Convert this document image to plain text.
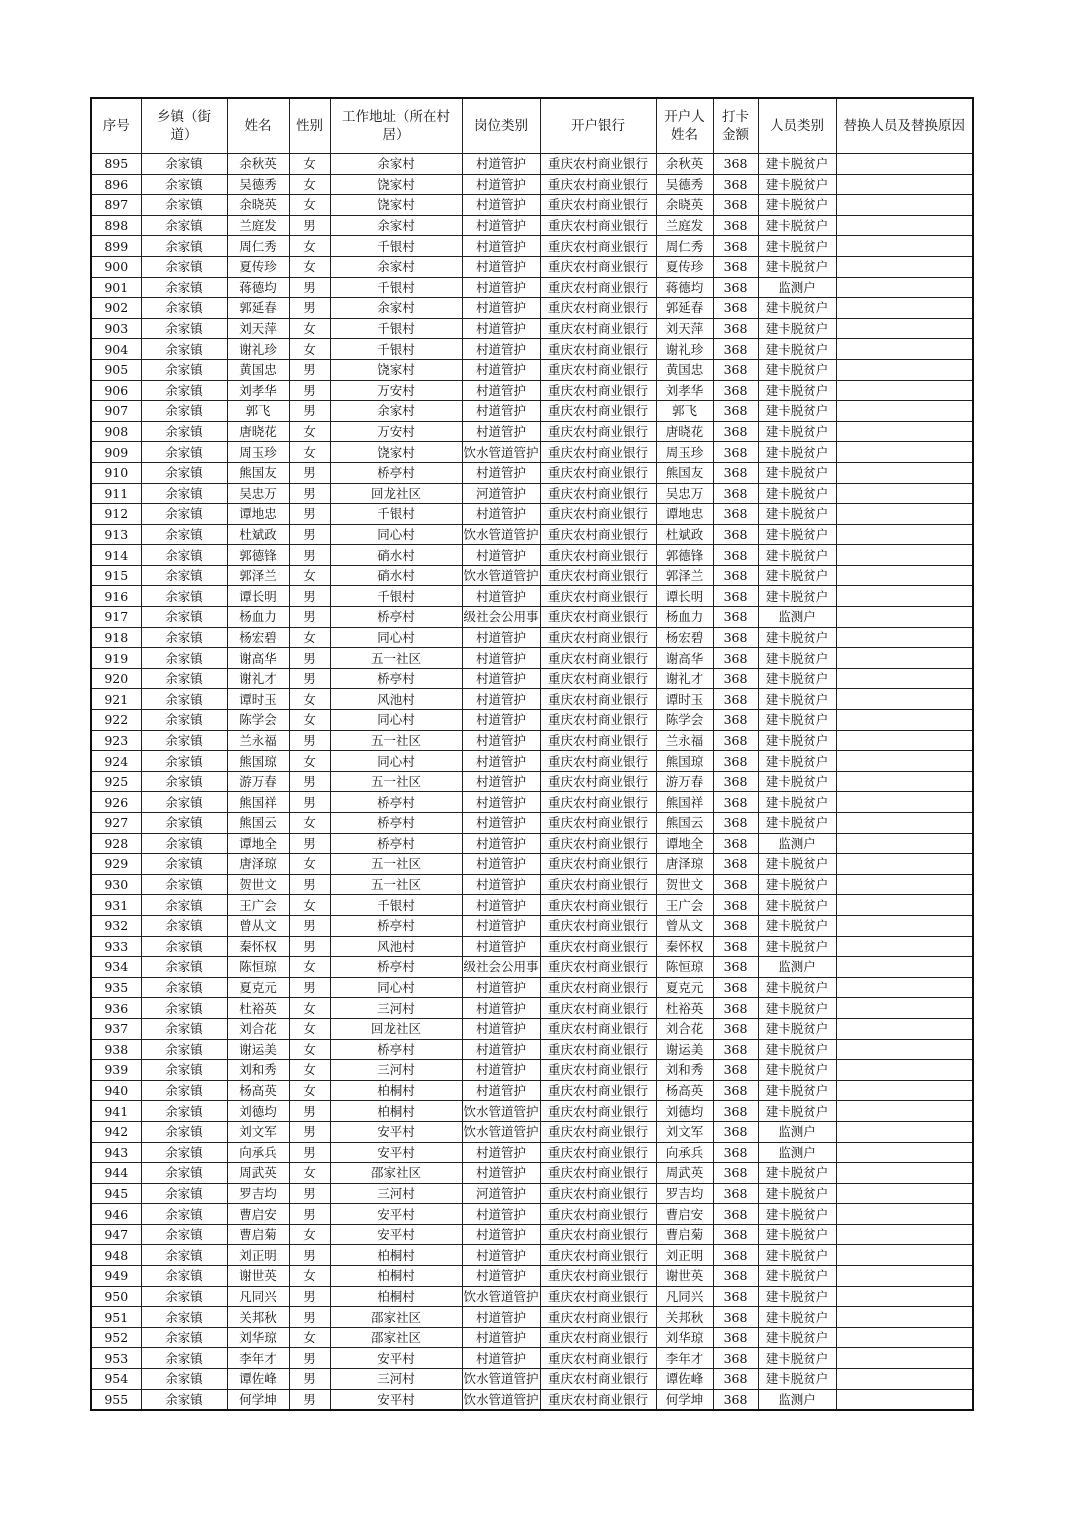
序号	乡镇（街道）	姓名	性别	工作地址（所在村居）	岗位类别	开户银行	开户人姓名	打卡金额	人员类别	替换人员及替换原因

895	余家镇	余秋英	女	余家村	村道管护	重庆农村商业银行	余秋英	368	建卡脱贫户	

896	余家镇	吴德秀	女	饶家村	村道管护	重庆农村商业银行	吴德秀	368	建卡脱贫户	

897	余家镇	余晓英	女	饶家村	村道管护	重庆农村商业银行	余晓英	368	建卡脱贫户	

898	余家镇	兰庭发	男	余家村	村道管护	重庆农村商业银行	兰庭发	368	建卡脱贫户	

899	余家镇	周仁秀	女	千银村	村道管护	重庆农村商业银行	周仁秀	368	建卡脱贫户	

900	余家镇	夏传珍	女	余家村	村道管护	重庆农村商业银行	夏传珍	368	建卡脱贫户	

901	余家镇	蒋德均	男	千银村	村道管护	重庆农村商业银行	蒋德均	368	监测户	

902	余家镇	郭延春	男	余家村	村道管护	重庆农村商业银行	郭延春	368	建卡脱贫户	

903	余家镇	刘天萍	女	千银村	村道管护	重庆农村商业银行	刘天萍	368	建卡脱贫户	

904	余家镇	谢礼珍	女	千银村	村道管护	重庆农村商业银行	谢礼珍	368	建卡脱贫户	

905	余家镇	黄国忠	男	饶家村	村道管护	重庆农村商业银行	黄国忠	368	建卡脱贫户	

906	余家镇	刘孝华	男	万安村	村道管护	重庆农村商业银行	刘孝华	368	建卡脱贫户	

907	余家镇	郭飞	男	余家村	村道管护	重庆农村商业银行	郭飞	368	建卡脱贫户	

908	余家镇	唐晓花	女	万安村	村道管护	重庆农村商业银行	唐晓花	368	建卡脱贫户	

909	余家镇	周玉珍	女	饶家村	饮水管道管护	重庆农村商业银行	周玉珍	368	建卡脱贫户	

910	余家镇	熊国友	男	桥亭村	村道管护	重庆农村商业银行	熊国友	368	建卡脱贫户	

911	余家镇	吴忠万	男	回龙社区	河道管护	重庆农村商业银行	吴忠万	368	建卡脱贫户	

912	余家镇	谭地忠	男	千银村	村道管护	重庆农村商业银行	谭地忠	368	建卡脱贫户	

913	余家镇	杜斌政	男	同心村	饮水管道管护	重庆农村商业银行	杜斌政	368	建卡脱贫户	

914	余家镇	郭德锋	男	硝水村	村道管护	重庆农村商业银行	郭德锋	368	建卡脱贫户	

915	余家镇	郭泽兰	女	硝水村	饮水管道管护	重庆农村商业银行	郭泽兰	368	建卡脱贫户	

916	余家镇	谭长明	男	千银村	村道管护	重庆农村商业银行	谭长明	368	建卡脱贫户	

917	余家镇	杨血力	男	桥亭村	级社会公用事	重庆农村商业银行	杨血力	368	监测户	

918	余家镇	杨宏碧	女	同心村	村道管护	重庆农村商业银行	杨宏碧	368	建卡脱贫户	

919	余家镇	谢高华	男	五一社区	村道管护	重庆农村商业银行	谢高华	368	建卡脱贫户	

920	余家镇	谢礼才	男	桥亭村	村道管护	重庆农村商业银行	谢礼才	368	建卡脱贫户	

921	余家镇	谭时玉	女	风池村	村道管护	重庆农村商业银行	谭时玉	368	建卡脱贫户	

922	余家镇	陈学会	女	同心村	村道管护	重庆农村商业银行	陈学会	368	建卡脱贫户	

923	余家镇	兰永福	男	五一社区	村道管护	重庆农村商业银行	兰永福	368	建卡脱贫户	

924	余家镇	熊国琼	女	同心村	村道管护	重庆农村商业银行	熊国琼	368	建卡脱贫户	

925	余家镇	游万春	男	五一社区	村道管护	重庆农村商业银行	游万春	368	建卡脱贫户	

926	余家镇	熊国祥	男	桥亭村	村道管护	重庆农村商业银行	熊国祥	368	建卡脱贫户	

927	余家镇	熊国云	女	桥亭村	村道管护	重庆农村商业银行	熊国云	368	建卡脱贫户	

928	余家镇	谭地全	男	桥亭村	村道管护	重庆农村商业银行	谭地全	368	监测户	

929	余家镇	唐泽琼	女	五一社区	村道管护	重庆农村商业银行	唐泽琼	368	建卡脱贫户	

930	余家镇	贺世文	男	五一社区	村道管护	重庆农村商业银行	贺世文	368	建卡脱贫户	

931	余家镇	王广会	女	千银村	村道管护	重庆农村商业银行	王广会	368	建卡脱贫户	

932	余家镇	曾从文	男	桥亭村	村道管护	重庆农村商业银行	曾从文	368	建卡脱贫户	

933	余家镇	秦怀权	男	风池村	村道管护	重庆农村商业银行	秦怀权	368	建卡脱贫户	

934	余家镇	陈恒琼	女	桥亭村	级社会公用事	重庆农村商业银行	陈恒琼	368	监测户	

935	余家镇	夏克元	男	同心村	村道管护	重庆农村商业银行	夏克元	368	建卡脱贫户	

936	余家镇	杜裕英	女	三河村	村道管护	重庆农村商业银行	杜裕英	368	建卡脱贫户	

937	余家镇	刘合花	女	回龙社区	村道管护	重庆农村商业银行	刘合花	368	建卡脱贫户	

938	余家镇	谢运美	女	桥亭村	村道管护	重庆农村商业银行	谢运美	368	建卡脱贫户	

939	余家镇	刘和秀	女	三河村	村道管护	重庆农村商业银行	刘和秀	368	建卡脱贫户	

940	余家镇	杨高英	女	柏桐村	村道管护	重庆农村商业银行	杨高英	368	建卡脱贫户	

941	余家镇	刘德均	男	柏桐村	饮水管道管护	重庆农村商业银行	刘德均	368	建卡脱贫户	

942	余家镇	刘文军	男	安平村	饮水管道管护	重庆农村商业银行	刘文军	368	监测户	

943	余家镇	向承兵	男	安平村	村道管护	重庆农村商业银行	向承兵	368	监测户	

944	余家镇	周武英	女	邵家社区	村道管护	重庆农村商业银行	周武英	368	建卡脱贫户	

945	余家镇	罗吉均	男	三河村	河道管护	重庆农村商业银行	罗吉均	368	建卡脱贫户	

946	余家镇	曹启安	男	安平村	村道管护	重庆农村商业银行	曹启安	368	建卡脱贫户	

947	余家镇	曹启菊	女	安平村	村道管护	重庆农村商业银行	曹启菊	368	建卡脱贫户	

948	余家镇	刘正明	男	柏桐村	村道管护	重庆农村商业银行	刘正明	368	建卡脱贫户	

949	余家镇	谢世英	女	柏桐村	村道管护	重庆农村商业银行	谢世英	368	建卡脱贫户	

950	余家镇	凡同兴	男	柏桐村	饮水管道管护	重庆农村商业银行	凡同兴	368	建卡脱贫户	

951	余家镇	关邦秋	男	邵家社区	村道管护	重庆农村商业银行	关邦秋	368	建卡脱贫户	

952	余家镇	刘华琼	女	邵家社区	村道管护	重庆农村商业银行	刘华琼	368	建卡脱贫户	

953	余家镇	李年才	男	安平村	村道管护	重庆农村商业银行	李年才	368	建卡脱贫户	

954	余家镇	谭佐峰	男	三河村	饮水管道管护	重庆农村商业银行	谭佐峰	368	建卡脱贫户	

955	余家镇	何学坤	男	安平村	饮水管道管护	重庆农村商业银行	何学坤	368	监测户	
